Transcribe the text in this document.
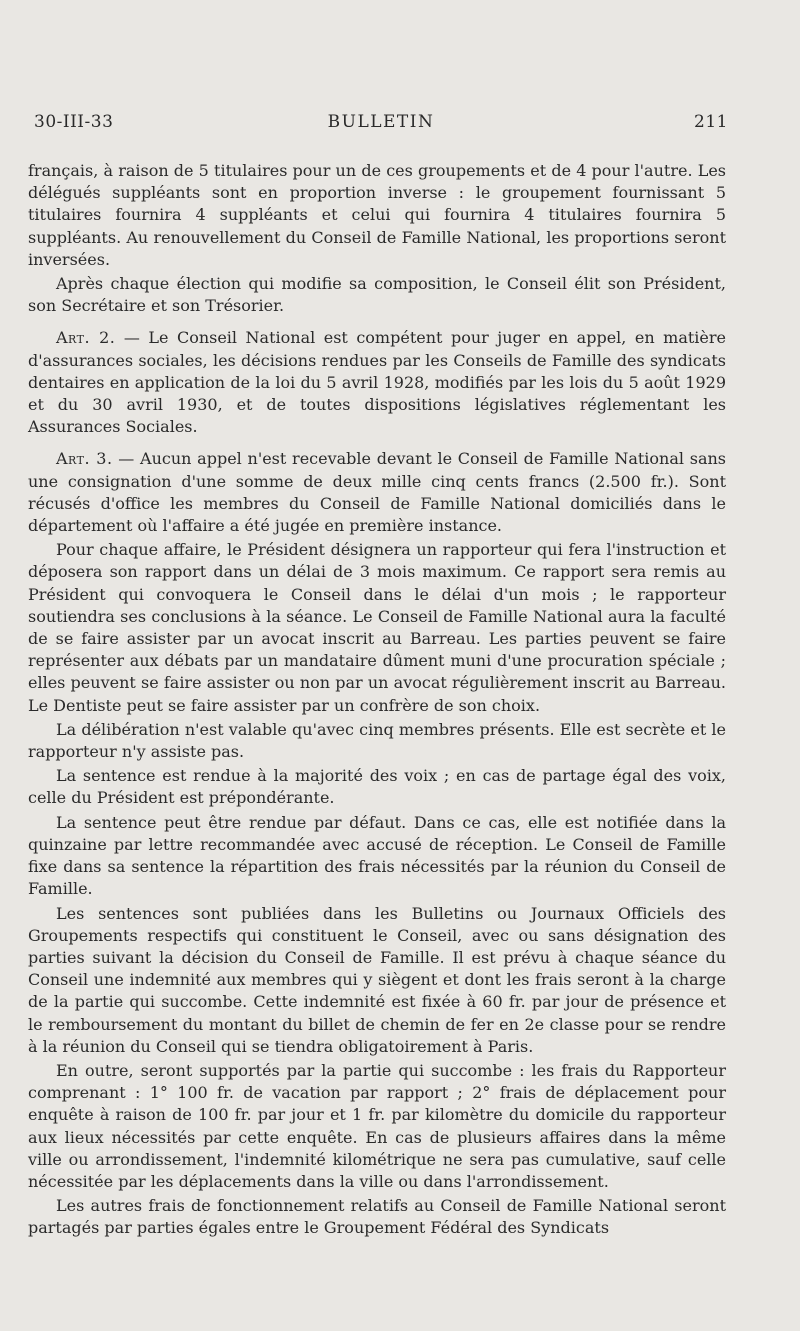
30-III-33	BULLETIN	211

français, à raison de 5 titulaires pour un de ces groupements et de 4 pour l'autre. Les délégués suppléants sont en proportion inverse : le groupement fournissant 5 titulaires fournira 4 suppléants et celui qui fournira 4 titulaires fournira 5 suppléants. Au renouvellement du Conseil de Famille National, les proportions seront inversées.

Après chaque élection qui modifie sa composition, le Conseil élit son Président, son Secrétaire et son Trésorier.

Art. 2. — Le Conseil National est compétent pour juger en appel, en matière d'assurances sociales, les décisions rendues par les Conseils de Famille des syndicats dentaires en application de la loi du 5 avril 1928, modifiés par les lois du 5 août 1929 et du 30 avril 1930, et de toutes dispositions législatives réglementant les Assurances Sociales.

Art. 3. — Aucun appel n'est recevable devant le Conseil de Famille National sans une consignation d'une somme de deux mille cinq cents francs (2.500 fr.). Sont récusés d'office les membres du Conseil de Famille National domiciliés dans le département où l'affaire a été jugée en première instance.

Pour chaque affaire, le Président désignera un rapporteur qui fera l'instruction et déposera son rapport dans un délai de 3 mois maximum. Ce rapport sera remis au Président qui convoquera le Conseil dans le délai d'un mois ; le rapporteur soutiendra ses conclusions à la séance. Le Conseil de Famille National aura la faculté de se faire assister par un avocat inscrit au Barreau. Les parties peuvent se faire représenter aux débats par un mandataire dûment muni d'une procuration spéciale ; elles peuvent se faire assister ou non par un avocat régulièrement inscrit au Barreau. Le Dentiste peut se faire assister par un confrère de son choix.

La délibération n'est valable qu'avec cinq membres présents. Elle est secrète et le rapporteur n'y assiste pas.

La sentence est rendue à la majorité des voix ; en cas de partage égal des voix, celle du Président est prépondérante.

La sentence peut être rendue par défaut. Dans ce cas, elle est notifiée dans la quinzaine par lettre recommandée avec accusé de réception. Le Conseil de Famille fixe dans sa sentence la répartition des frais nécessités par la réunion du Conseil de Famille.

Les sentences sont publiées dans les Bulletins ou Journaux Officiels des Groupements respectifs qui constituent le Conseil, avec ou sans désignation des parties suivant la décision du Conseil de Famille. Il est prévu à chaque séance du Conseil une indemnité aux membres qui y siègent et dont les frais seront à la charge de la partie qui succombe. Cette indemnité est fixée à 60 fr. par jour de présence et le remboursement du montant du billet de chemin de fer en 2e classe pour se rendre à la réunion du Conseil qui se tiendra obligatoirement à Paris.

En outre, seront supportés par la partie qui succombe : les frais du Rapporteur comprenant : 1° 100 fr. de vacation par rapport ; 2° frais de déplacement pour enquête à raison de 100 fr. par jour et 1 fr. par kilomètre du domicile du rapporteur aux lieux nécessités par cette enquête. En cas de plusieurs affaires dans la même ville ou arrondissement, l'indemnité kilométrique ne sera pas cumulative, sauf celle nécessitée par les déplacements dans la ville ou dans l'arrondissement.

Les autres frais de fonctionnement relatifs au Conseil de Famille National seront partagés par parties égales entre le Groupement Fédéral des Syndicats
